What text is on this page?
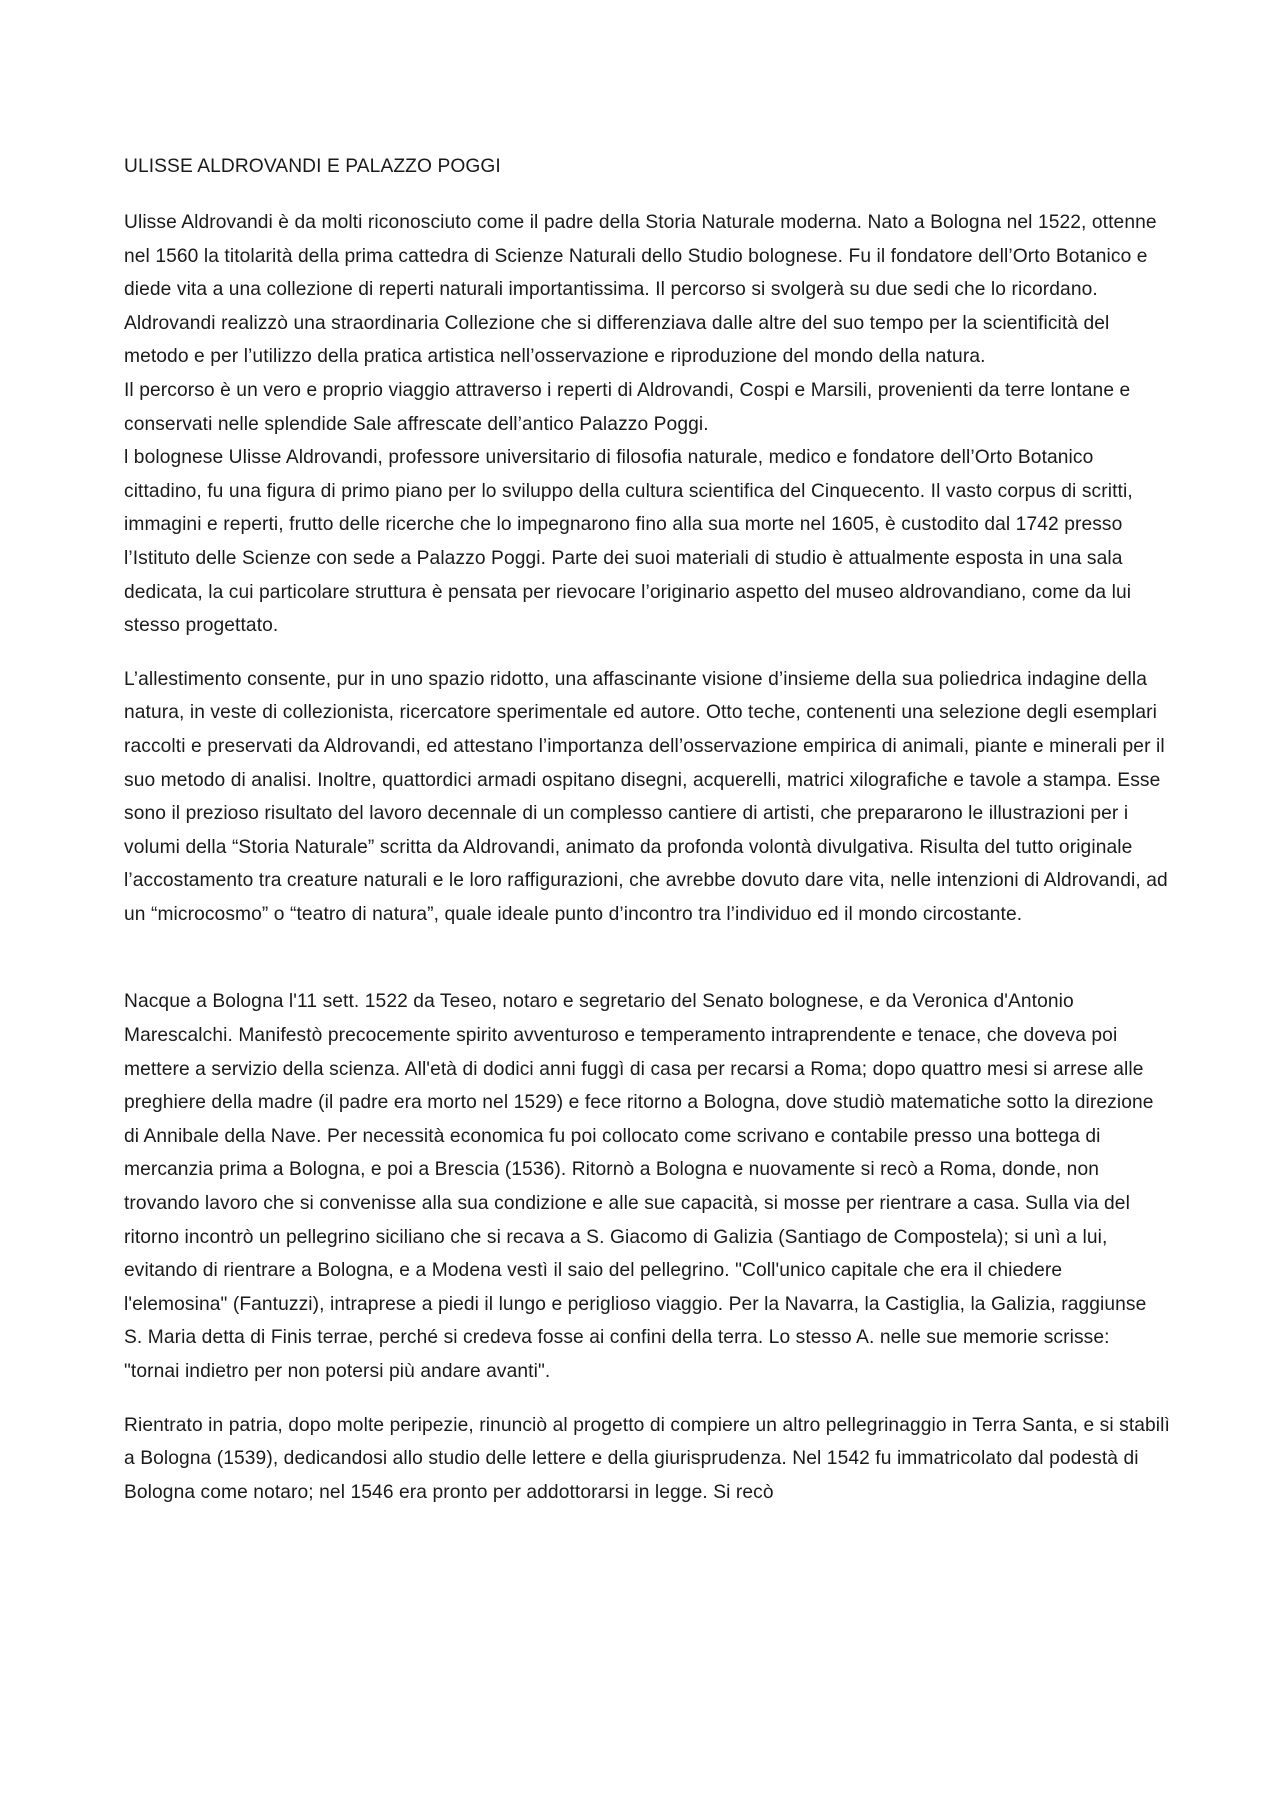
ULISSE ALDROVANDI E PALAZZO POGGI

Ulisse Aldrovandi è da molti riconosciuto come il padre della Storia Naturale moderna. Nato a Bologna nel 1522, ottenne nel 1560 la titolarità della prima cattedra di Scienze Naturali dello Studio bolognese. Fu il fondatore dell’Orto Botanico e diede vita a una collezione di reperti naturali importantissima. Il percorso si svolgerà su due sedi che lo ricordano.

Aldrovandi realizzò una straordinaria Collezione che si differenziava dalle altre del suo tempo per la scientificità del metodo e per l’utilizzo della pratica artistica nell’osservazione e riproduzione del mondo della natura.

Il percorso è un vero e proprio viaggio attraverso i reperti di Aldrovandi, Cospi e Marsili, provenienti da terre lontane e conservati nelle splendide Sale affrescate dell’antico Palazzo Poggi.

l bolognese Ulisse Aldrovandi, professore universitario di filosofia naturale, medico e fondatore dell’Orto Botanico cittadino, fu una figura di primo piano per lo sviluppo della cultura scientifica del Cinquecento. Il vasto corpus di scritti, immagini e reperti, frutto delle ricerche che lo impegnarono fino alla sua morte nel 1605, è custodito dal 1742 presso l’Istituto delle Scienze con sede a Palazzo Poggi. Parte dei suoi materiali di studio è attualmente esposta in una sala dedicata, la cui particolare struttura è pensata per rievocare l’originario aspetto del museo aldrovandiano, come da lui stesso progettato.

L’allestimento consente, pur in uno spazio ridotto, una affascinante visione d’insieme della sua poliedrica indagine della natura, in veste di collezionista, ricercatore sperimentale ed autore. Otto teche, contenenti una selezione degli esemplari raccolti e preservati da Aldrovandi, ed attestano l’importanza dell’osservazione empirica di animali, piante e minerali per il suo metodo di analisi. Inoltre, quattordici armadi ospitano disegni, acquerelli, matrici xilografiche e tavole a stampa. Esse sono il prezioso risultato del lavoro decennale di un complesso cantiere di artisti, che prepararono le illustrazioni per i volumi della “Storia Naturale” scritta da Aldrovandi, animato da profonda volontà divulgativa. Risulta del tutto originale l’accostamento tra creature naturali e le loro raffigurazioni, che avrebbe dovuto dare vita, nelle intenzioni di Aldrovandi, ad un “microcosmo” o “teatro di natura”, quale ideale punto d’incontro tra l’individuo ed il mondo circostante.

Nacque a Bologna l'11 sett. 1522 da Teseo, notaro e segretario del Senato bolognese, e da Veronica d'Antonio Marescalchi. Manifestò precocemente spirito avventuroso e temperamento intraprendente e tenace, che doveva poi mettere a servizio della scienza. All'età di dodici anni fuggì di casa per recarsi a Roma; dopo quattro mesi si arrese alle preghiere della madre (il padre era morto nel 1529) e fece ritorno a Bologna, dove studiò matematiche sotto la direzione di Annibale della Nave. Per necessità economica fu poi collocato come scrivano e contabile presso una bottega di mercanzia prima a Bologna, e poi a Brescia (1536). Ritornò a Bologna e nuovamente si recò a Roma, donde, non trovando lavoro che si convenisse alla sua condizione e alle sue capacità, si mosse per rientrare a casa. Sulla via del ritorno incontrò un pellegrino siciliano che si recava a S. Giacomo di Galizia (Santiago de Compostela); si unì a lui, evitando di rientrare a Bologna, e a Modena vestì il saio del pellegrino. "Coll'unico capitale che era il chiedere l'elemosina" (Fantuzzi), intraprese a piedi il lungo e periglioso viaggio. Per la Navarra, la Castiglia, la Galizia, raggiunse S. Maria detta di Finis terrae, perché si credeva fosse ai confini della terra. Lo stesso A. nelle sue memorie scrisse: "tornai indietro per non potersi più andare avanti".

Rientrato in patria, dopo molte peripezie, rinunciò al progetto di compiere un altro pellegrinaggio in Terra Santa, e si stabilì a Bologna (1539), dedicandosi allo studio delle lettere e della giurisprudenza. Nel 1542 fu immatricolato dal podestà di Bologna come notaro; nel 1546 era pronto per addottorarsi in legge. Si recò
